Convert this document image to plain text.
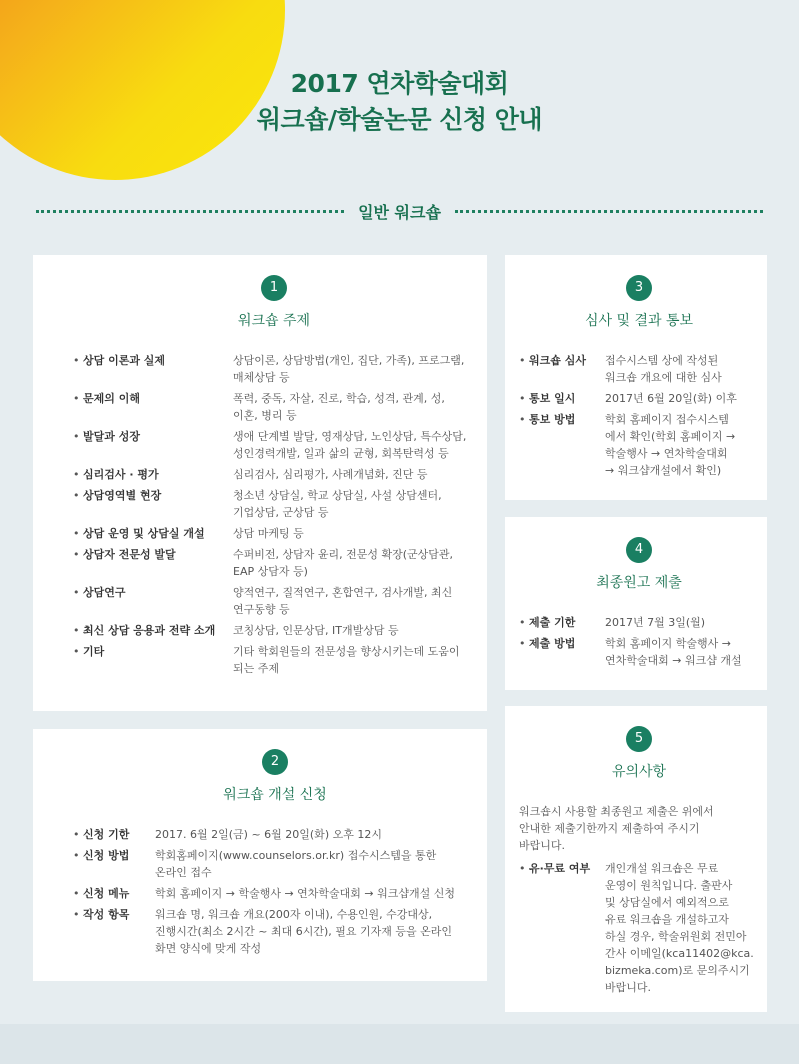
2017 연차학술대회
워크숍/학술논문 신청 안내
일반 워크숍
1
워크숍 주제
• 상담 이론과 실제	상담이론, 상담방법(개인, 집단, 가족), 프로그램,
매체상담 등
• 문제의 이해	폭력, 중독, 자살, 진로, 학습, 성격, 관계, 성,
이혼, 병리 등
• 발달과 성장	생애 단계별 발달, 영재상담, 노인상담, 특수상담,
성인경력개발, 일과 삶의 균형, 회복탄력성 등
• 심리검사 · 평가	심리검사, 심리평가, 사례개념화, 진단 등
• 상담영역별 현장	청소년 상담실, 학교 상담실, 사설 상담센터,
기업상담, 군상담 등
• 상담 운영 및 상담실 개설	상담 마케팅 등
• 상담자 전문성 발달	수퍼비전, 상담자 윤리, 전문성 확장(군상담관,
EAP 상담자 등)
• 상담연구	양적연구, 질적연구, 혼합연구, 검사개발, 최신
연구동향 등
• 최신 상담 응용과 전략 소개	코칭상담, 인문상담, IT개발상담 등
• 기타	기타 학회원들의 전문성을 향상시키는데 도움이
되는 주제
2
워크숍 개설 신청
• 신청 기한	2017. 6월 2일(금) ~ 6월 20일(화) 오후 12시
• 신청 방법	학회홈페이지(www.counselors.or.kr) 접수시스템을 통한
온라인 접수
• 신청 메뉴	학회 홈페이지 → 학술행사 → 연차학술대회 → 워크샵개설 신청
• 작성 항목	워크숍 명, 워크숍 개요(200자 이내), 수용인원, 수강대상,
진행시간(최소 2시간 ~ 최대 6시간), 필요 기자재 등을 온라인
화면 양식에 맞게 작성
3
심사 및 결과 통보
• 워크숍 심사	접수시스템 상에 작성된
워크숍 개요에 대한 심사
• 통보 일시	2017년 6월 20일(화) 이후
• 통보 방법	학회 홈페이지 접수시스템
에서 확인(학회 홈페이지 →
학술행사 → 연차학술대회
→ 워크샵개설에서 확인)
4
최종원고 제출
• 제출 기한	2017년 7월 3일(월)
• 제출 방법	학회 홈페이지 학술행사 →
연차학술대회 → 워크샵 개설
5
유의사항
워크숍시 사용할 최종원고 제출은 위에서
안내한 제출기한까지 제출하여 주시기
바랍니다.
• 유·무료 여부	개인개설 워크숍은 무료
운영이 원칙입니다. 출판사
및 상담실에서 예외적으로
유료 워크숍을 개설하고자
하실 경우, 학술위원회 전민아
간사 이메일(kca11402@kca.
bizmeka.com)로 문의주시기
바랍니다.
